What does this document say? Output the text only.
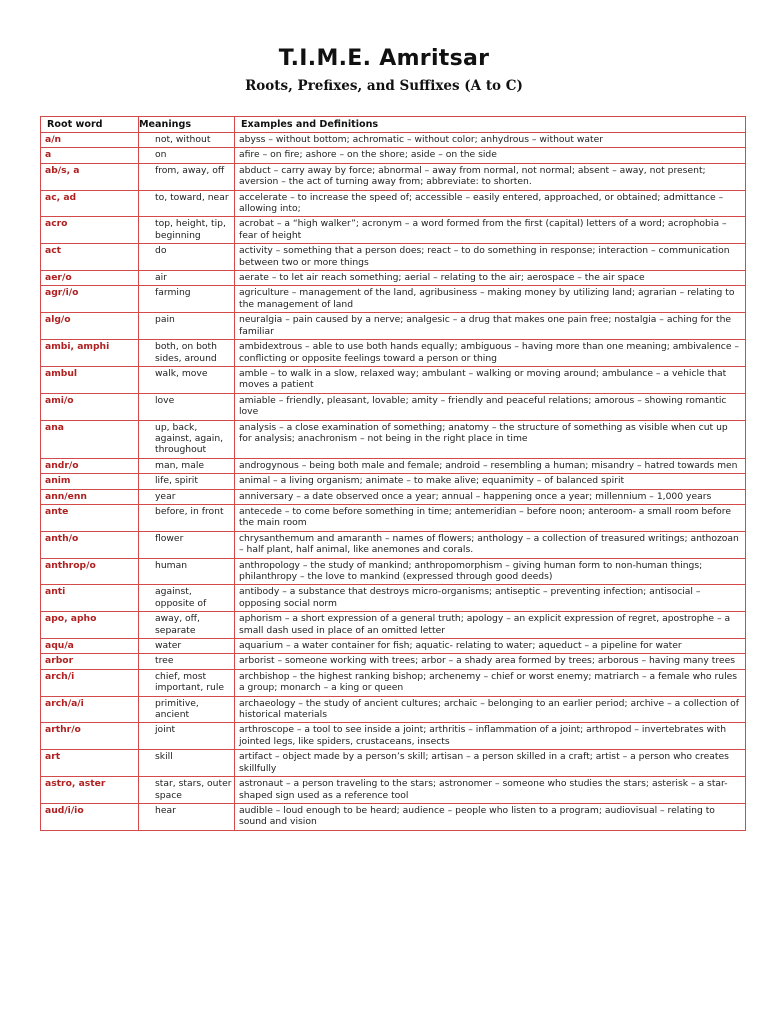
T.I.M.E. Amritsar
Roots, Prefixes, and Suffixes (A to C)
Root word	Meanings	Examples and Definitions
a/n	not, without	abyss – without bottom; achromatic – without color; anhydrous – without water
a	on	afire – on fire; ashore – on the shore; aside – on the side
ab/s, a	from, away, off	abduct – carry away by force; abnormal – away from normal, not normal; absent – away, not present; aversion – the act of turning away from; abbreviate: to shorten.
ac, ad	to, toward, near	accelerate – to increase the speed of; accessible – easily entered, approached, or obtained; admittance – allowing into;
acro	top, height, tip, beginning	acrobat – a “high walker”; acronym – a word formed from the first (capital) letters of a word; acrophobia – fear of height
act	do	activity – something that a person does; react – to do something in response; interaction – communication between two or more things
aer/o	air	aerate – to let air reach something; aerial – relating to the air; aerospace – the air space
agr/i/o	farming	agriculture – management of the land, agribusiness – making money by utilizing land; agrarian – relating to the management of land
alg/o	pain	neuralgia – pain caused by a nerve; analgesic – a drug that makes one pain free; nostalgia – aching for the familiar
ambi, amphi	both, on both sides, around	ambidextrous – able to use both hands equally; ambiguous – having more than one meaning; ambivalence – conflicting or opposite feelings toward a person or thing
ambul	walk, move	amble – to walk in a slow, relaxed way; ambulant – walking or moving around; ambulance – a vehicle that moves a patient
ami/o	love	amiable – friendly, pleasant, lovable; amity – friendly and peaceful relations; amorous – showing romantic love
ana	up, back, against, again, throughout	analysis – a close examination of something; anatomy – the structure of something as visible when cut up for analysis; anachronism – not being in the right place in time
andr/o	man, male	androgynous – being both male and female; android – resembling a human; misandry – hatred towards men
anim	life, spirit	animal – a living organism; animate – to make alive; equanimity – of balanced spirit
ann/enn	year	anniversary – a date observed once a year; annual – happening once a year; millennium – 1,000 years
ante	before, in front	antecede – to come before something in time; antemeridian – before noon; anteroom- a small room before the main room
anth/o	flower	chrysanthemum and amaranth – names of flowers; anthology – a collection of treasured writings; anthozoan – half plant, half animal, like anemones and corals.
anthrop/o	human	anthropology – the study of mankind; anthropomorphism – giving human form to non-human things; philanthropy – the love to mankind (expressed through good deeds)
anti	against, opposite of	antibody – a substance that destroys micro-organisms; antiseptic – preventing infection; antisocial – opposing social norm
apo, apho	away, off, separate	aphorism – a short expression of a general truth; apology – an explicit expression of regret, apostrophe – a small dash used in place of an omitted letter
aqu/a	water	aquarium – a water container for fish; aquatic- relating to water; aqueduct – a pipeline for water
arbor	tree	arborist – someone working with trees; arbor – a shady area formed by trees; arborous – having many trees
arch/i	chief, most important, rule	archbishop – the highest ranking bishop; archenemy – chief or worst enemy; matriarch – a female who rules a group; monarch – a king or queen
arch/a/i	primitive, ancient	archaeology – the study of ancient cultures; archaic – belonging to an earlier period; archive – a collection of historical materials
arthr/o	joint	arthroscope – a tool to see inside a joint; arthritis – inflammation of a joint; arthropod – invertebrates with jointed legs, like spiders, crustaceans, insects
art	skill	artifact – object made by a person’s skill; artisan – a person skilled in a craft; artist – a person who creates skillfully
astro, aster	star, stars, outer space	astronaut – a person traveling to the stars; astronomer – someone who studies the stars; asterisk – a star-shaped sign used as a reference tool
aud/i/io	hear	audible – loud enough to be heard; audience – people who listen to a program; audiovisual – relating to sound and vision
